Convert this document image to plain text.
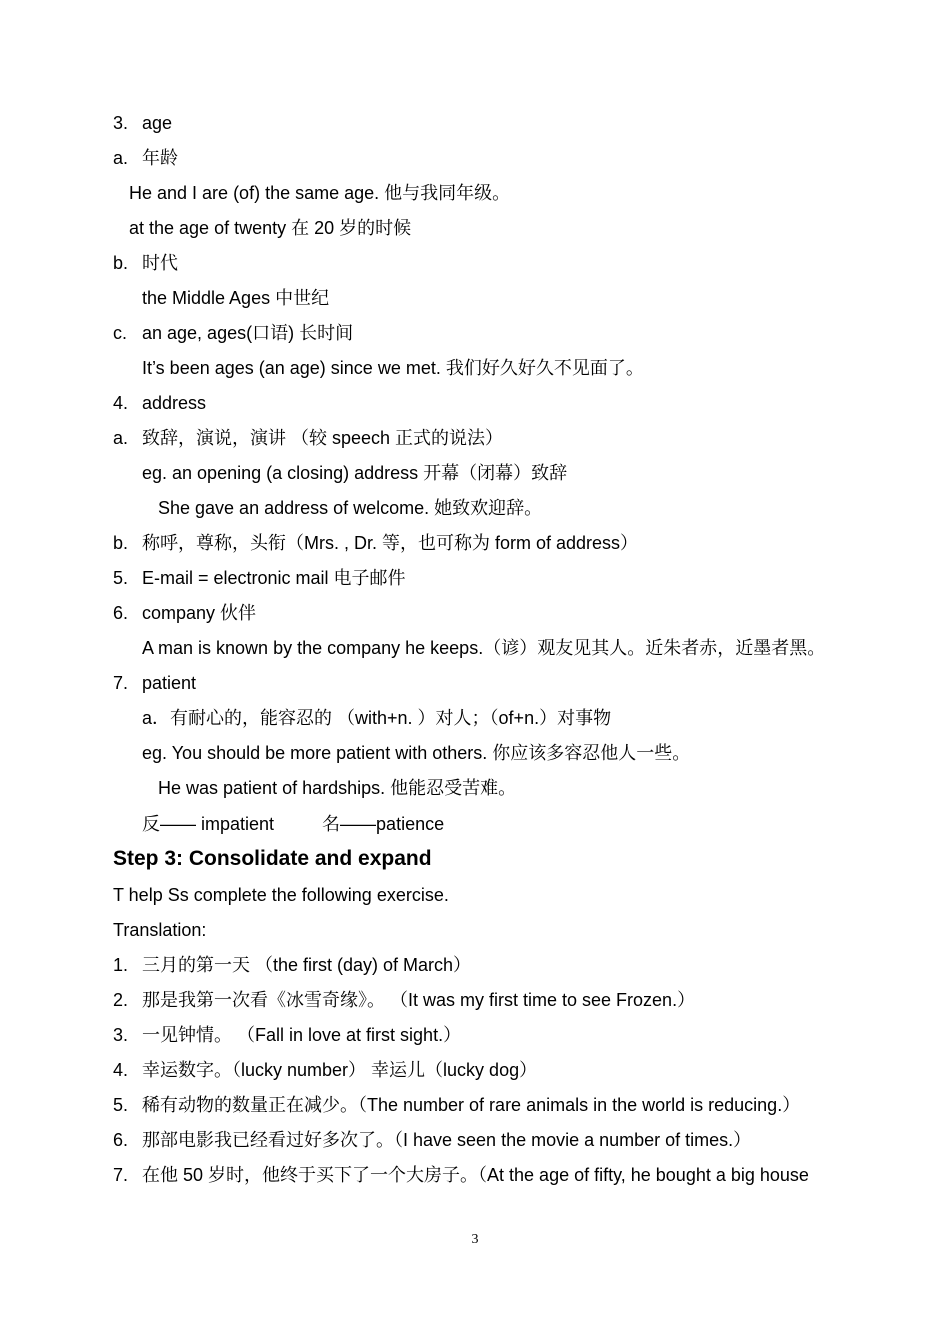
3. age
a. 年龄
He and I are (of) the same age. 他与我同年级。
at the age of twenty 在 20 岁的时候
b. 时代
the Middle Ages 中世纪
c. an age, ages(口语) 长时间
It’s been ages (an age) since we met. 我们好久好久不见面了。
4. address
a. 致辞，演说，演讲 （较 speech 正式的说法）
eg. an opening (a closing) address 开幕（闭幕）致辞
She gave an address of welcome. 她致欢迎辞。
b. 称呼，尊称，头衔（Mrs. , Dr. 等，也可称为 form of address）
5. E-mail = electronic mail 电子邮件
6. company 伙伴
A man is known by the company he keeps.（谚）观友见其人。近朱者赤，近墨者黑。
7. patient
a．有耐心的，能容忍的 （with+n. ）对人；（of+n.）对事物
eg. You should be more patient with others. 你应该多容忍他人一些。
He was patient of hardships. 他能忍受苦难。
反—— impatient	名——patience
Step 3: Consolidate and expand
T help Ss complete the following exercise.
Translation:
1. 三月的第一天 （the first (day) of March）
2. 那是我第一次看《冰雪奇缘》。 （It was my first time to see Frozen.）
3. 一见钟情。 （Fall in love at first sight.）
4. 幸运数字。（lucky number） 幸运儿（lucky dog）
5. 稀有动物的数量正在减少。（The number of rare animals in the world is reducing.）
6. 那部电影我已经看过好多次了。（I have seen the movie a number of times.）
7. 在他 50 岁时，他终于买下了一个大房子。（At the age of fifty, he bought a big house
3
